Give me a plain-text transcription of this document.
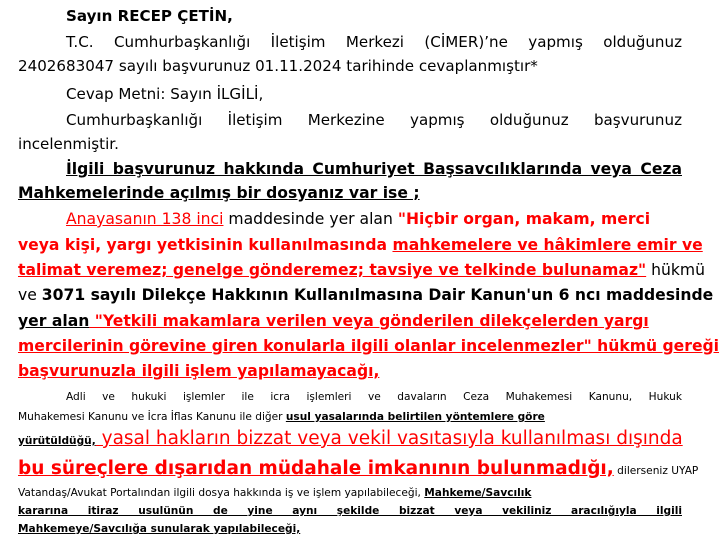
Sayın RECEP ÇETİN,
T.C. Cumhurbaşkanlığı İletişim Merkezi (CİMER)’ne yapmış olduğunuz
2402683047 sayılı başvurunuz 01.11.2024 tarihinde cevaplanmıştır*
Cevap Metni: Sayın İLGİLİ,
Cumhurbaşkanlığı İletişim Merkezine yapmış olduğunuz başvurunuz
incelenmiştir.
İlgili başvurunuz hakkında Cumhuriyet Başsavcılıklarında veya Ceza
Mahkemelerinde açılmış bir dosyanız var ise ;
Anayasanın 138 inci maddesinde yer alan "Hiçbir organ, makam, merci
veya kişi, yargı yetkisinin kullanılmasında mahkemelere ve hâkimlere emir ve
talimat veremez; genelge gönderemez; tavsiye ve telkinde bulunamaz" hükmü
ve 3071 sayılı Dilekçe Hakkının Kullanılmasına Dair Kanun'un 6 ncı maddesinde
yer alan "Yetkili makamlara verilen veya gönderilen dilekçelerden yargı
mercilerinin görevine giren konularla ilgili olanlar incelenmezler" hükmü gereği
başvurunuzla ilgili işlem yapılamayacağı,
Adli ve hukuki işlemler ile icra işlemleri ve davaların Ceza Muhakemesi Kanunu, Hukuk
Muhakemesi Kanunu ve İcra İflas Kanunu ile diğer usul yasalarında belirtilen yöntemlere göre
yürütüldüğü, yasal hakların bizzat veya vekil vasıtasıyla kullanılması dışında
bu süreçlere dışarıdan müdahale imkanının bulunmadığı, dilerseniz UYAP
Vatandaş/Avukat Portalından ilgili dosya hakkında iş ve işlem yapılabileceği, Mahkeme/Savcılık
kararına itiraz usulünün de yine aynı şekilde bizzat veya vekiliniz aracılığıyla ilgili
Mahkemeye/Savcılığa sunularak yapılabileceği,
